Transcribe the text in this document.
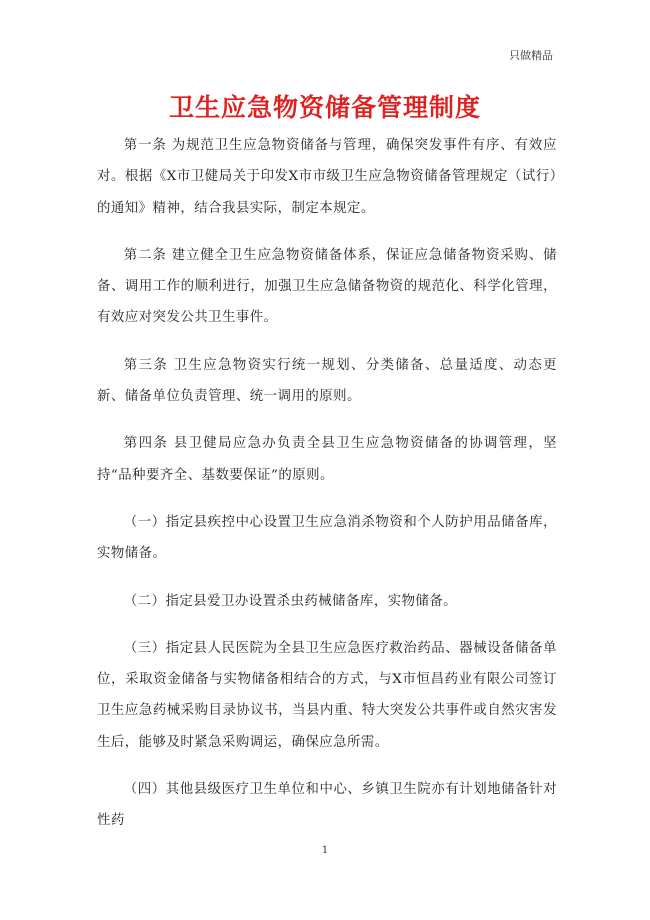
只做精品
卫生应急物资储备管理制度

第一条 为规范卫生应急物资储备与管理，确保突发事件有序、有效应对。根据《X市卫健局关于印发X市市级卫生应急物资储备管理规定（试行）的通知》精神，结合我县实际，制定本规定。

第二条 建立健全卫生应急物资储备体系，保证应急储备物资采购、储备、调用工作的顺利进行，加强卫生应急储备物资的规范化、科学化管理，有效应对突发公共卫生事件。

第三条 卫生应急物资实行统一规划、分类储备、总量适度、动态更新、储备单位负责管理、统一调用的原则。

第四条 县卫健局应急办负责全县卫生应急物资储备的协调管理，坚持“品种要齐全、基数要保证”的原则。

（一）指定县疾控中心设置卫生应急消杀物资和个人防护用品储备库，实物储备。

（二）指定县爱卫办设置杀虫药械储备库，实物储备。

（三）指定县人民医院为全县卫生应急医疗救治药品、器械设备储备单位，采取资金储备与实物储备相结合的方式，与X市恒昌药业有限公司签订卫生应急药械采购目录协议书，当县内重、特大突发公共事件或自然灾害发生后，能够及时紧急采购调运，确保应急所需。

（四）其他县级医疗卫生单位和中心、乡镇卫生院亦有计划地储备针对性药

1
